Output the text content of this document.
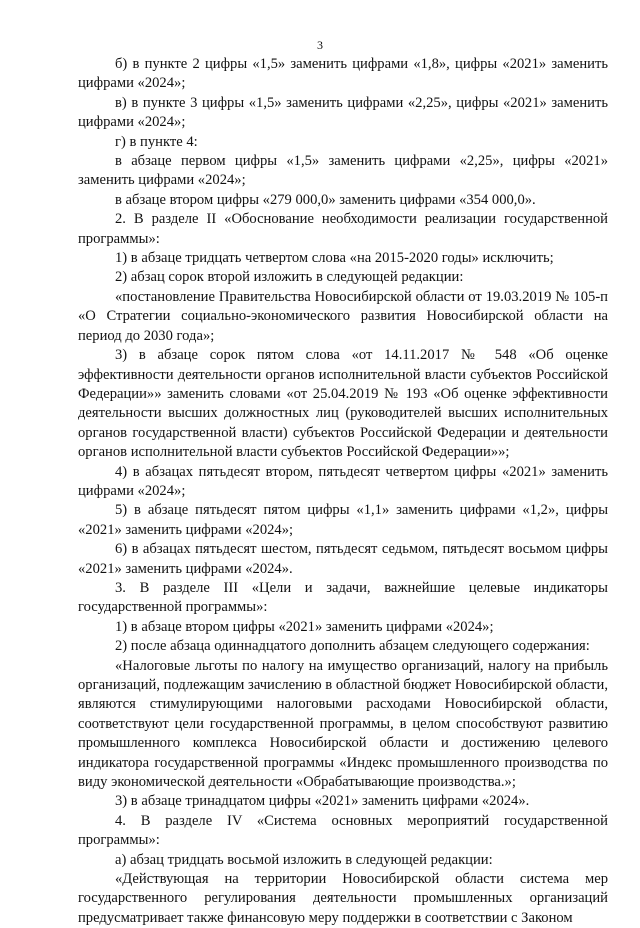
3

б) в пункте 2 цифры «1,5» заменить цифрами «1,8», цифры «2021» заменить цифрами «2024»;

в) в пункте 3 цифры «1,5» заменить цифрами «2,25», цифры «2021» заменить цифрами «2024»;

г) в пункте 4:

в абзаце первом цифры «1,5» заменить цифрами «2,25», цифры «2021» заменить цифрами «2024»;

в абзаце втором цифры «279 000,0» заменить цифрами «354 000,0».

2. В разделе II «Обоснование необходимости реализации государственной программы»:

1) в абзаце тридцать четвертом слова «на 2015-2020 годы» исключить;

2) абзац сорок второй изложить в следующей редакции:

«постановление Правительства Новосибирской области от 19.03.2019 № 105-п «О Стратегии социально-экономического развития Новосибирской области на период до 2030 года»;

3) в абзаце сорок пятом слова «от 14.11.2017 № 548 «Об оценке эффективности деятельности органов исполнительной власти субъектов Российской Федерации»» заменить словами «от 25.04.2019 № 193 «Об оценке эффективности деятельности высших должностных лиц (руководителей высших исполнительных органов государственной власти) субъектов Российской Федерации и деятельности органов исполнительной власти субъектов Российской Федерации»»;

4) в абзацах пятьдесят втором, пятьдесят четвертом цифры «2021» заменить цифрами «2024»;

5) в абзаце пятьдесят пятом цифры «1,1» заменить цифрами «1,2», цифры «2021» заменить цифрами «2024»;

6) в абзацах пятьдесят шестом, пятьдесят седьмом, пятьдесят восьмом цифры «2021» заменить цифрами «2024».

3. В разделе III «Цели и задачи, важнейшие целевые индикаторы государственной программы»:

1) в абзаце втором цифры «2021» заменить цифрами «2024»;

2) после абзаца одиннадцатого дополнить абзацем следующего содержания:

«Налоговые льготы по налогу на имущество организаций, налогу на прибыль организаций, подлежащим зачислению в областной бюджет Новосибирской области, являются стимулирующими налоговыми расходами Новосибирской области, соответствуют цели государственной программы, в целом способствуют развитию промышленного комплекса Новосибирской области и достижению целевого индикатора государственной программы «Индекс промышленного производства по виду экономической деятельности «Обрабатывающие производства.»;

3) в абзаце тринадцатом цифры «2021» заменить цифрами «2024».

4. В разделе IV «Система основных мероприятий государственной программы»:

а) абзац тридцать восьмой изложить в следующей редакции:

«Действующая на территории Новосибирской области система мер государственного регулирования деятельности промышленных организаций предусматривает также финансовую меру поддержки в соответствии с Законом
